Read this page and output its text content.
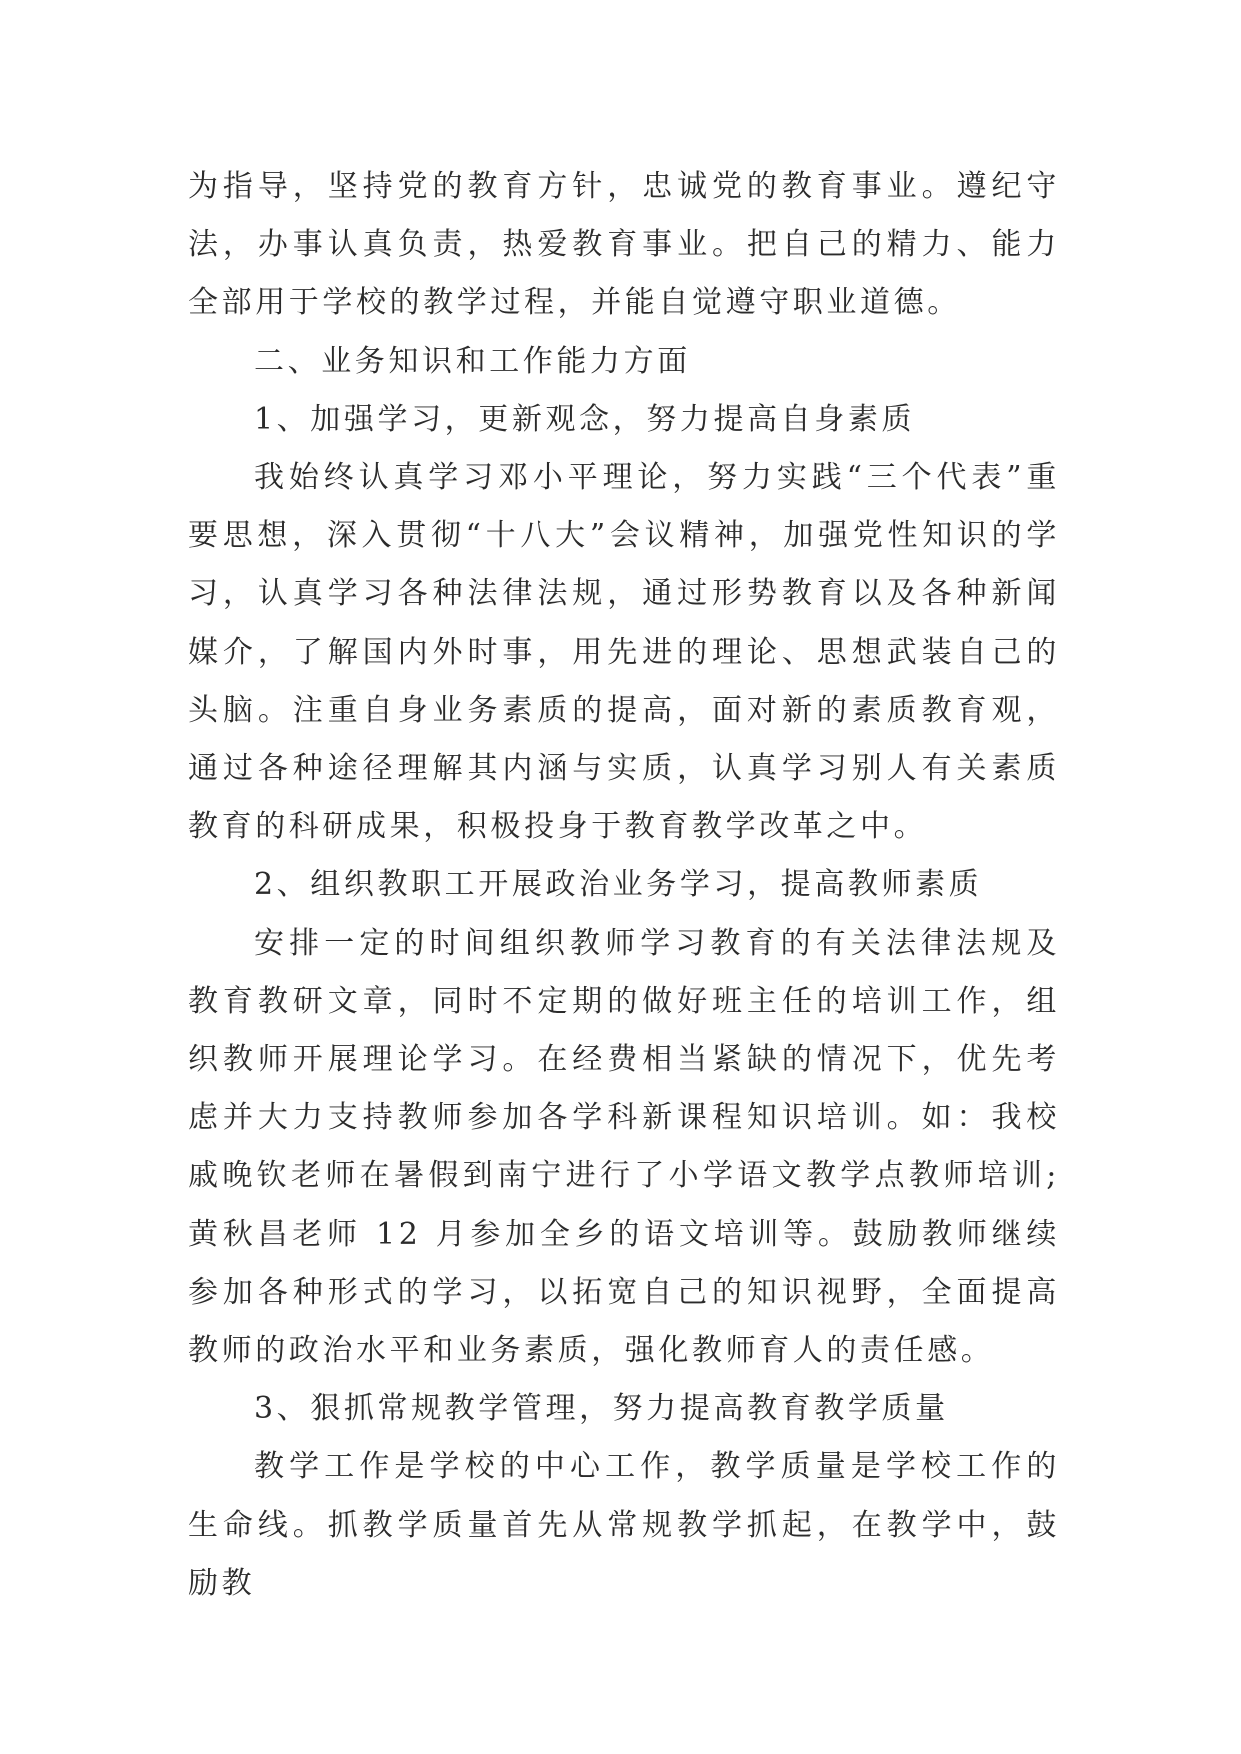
为指导，坚持党的教育方针，忠诚党的教育事业。遵纪守法，办事认真负责，热爱教育事业。把自己的精力、能力全部用于学校的教学过程，并能自觉遵守职业道德。

二、业务知识和工作能力方面

1、加强学习，更新观念，努力提高自身素质

我始终认真学习邓小平理论，努力实践“三个代表”重要思想，深入贯彻“十八大”会议精神，加强党性知识的学习，认真学习各种法律法规，通过形势教育以及各种新闻媒介，了解国内外时事，用先进的理论、思想武装自己的头脑。注重自身业务素质的提高，面对新的素质教育观，通过各种途径理解其内涵与实质，认真学习别人有关素质教育的科研成果，积极投身于教育教学改革之中。

2、组织教职工开展政治业务学习，提高教师素质

安排一定的时间组织教师学习教育的有关法律法规及教育教研文章，同时不定期的做好班主任的培训工作，组织教师开展理论学习。在经费相当紧缺的情况下，优先考虑并大力支持教师参加各学科新课程知识培训。如：我校戚晚钦老师在暑假到南宁进行了小学语文教学点教师培训;黄秋昌老师 12 月参加全乡的语文培训等。鼓励教师继续参加各种形式的学习，以拓宽自己的知识视野，全面提高教师的政治水平和业务素质，强化教师育人的责任感。

3、狠抓常规教学管理，努力提高教育教学质量

教学工作是学校的中心工作，教学质量是学校工作的生命线。抓教学质量首先从常规教学抓起，在教学中，鼓励教
